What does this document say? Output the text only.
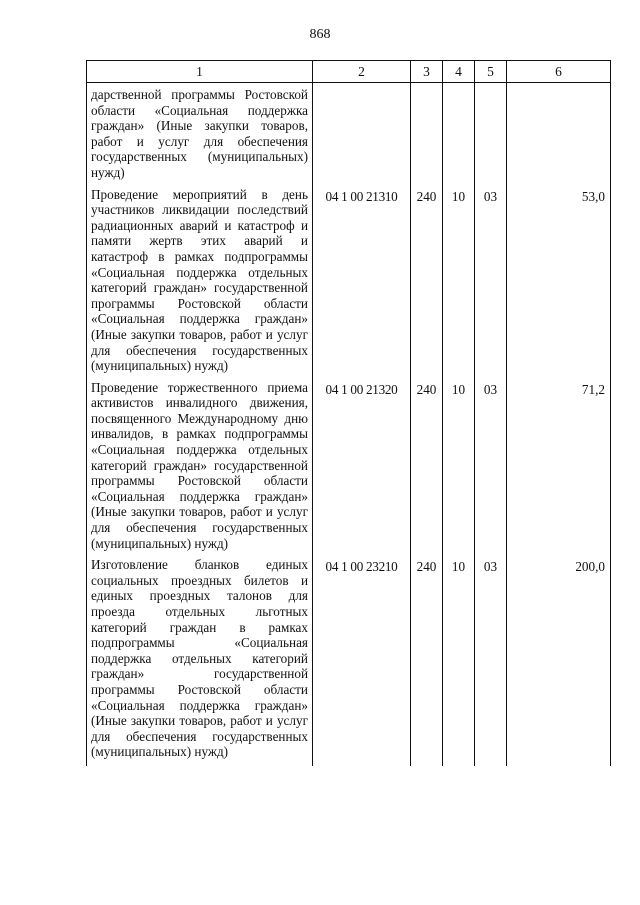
868
1	2	3	4	5	6
дарственной программы Ростовской области «Социальная поддержка граждан» (Иные закупки товаров, работ и услуг для обеспечения государственных (муниципальных) нужд)					
Проведение мероприятий в день участников ликвидации последствий радиационных аварий и катастроф и памяти жертв этих аварий и катастроф в рамках подпрограммы «Социальная поддержка отдельных категорий граждан» государственной программы Ростовской области «Социальная поддержка граждан» (Иные закупки товаров, работ и услуг для обеспечения государственных (муниципальных) нужд)	04 1 00 21310	240	10	03	53,0
Проведение торжественного приема активистов инвалидного движения, посвященного Международному дню инвалидов, в рамках подпрограммы «Социальная поддержка отдельных категорий граждан» государственной программы Ростовской области «Социальная поддержка граждан» (Иные закупки товаров, работ и услуг для обеспечения государственных (муниципальных) нужд)	04 1 00 21320	240	10	03	71,2
Изготовление бланков единых социальных проездных билетов и единых проездных талонов для проезда отдельных льготных категорий граждан в рамках подпрограммы «Социальная поддержка отдельных категорий граждан» государственной программы Ростовской области «Социальная поддержка граждан» (Иные закупки товаров, работ и услуг для обеспечения государственных (муниципальных) нужд)	04 1 00 23210	240	10	03	200,0
